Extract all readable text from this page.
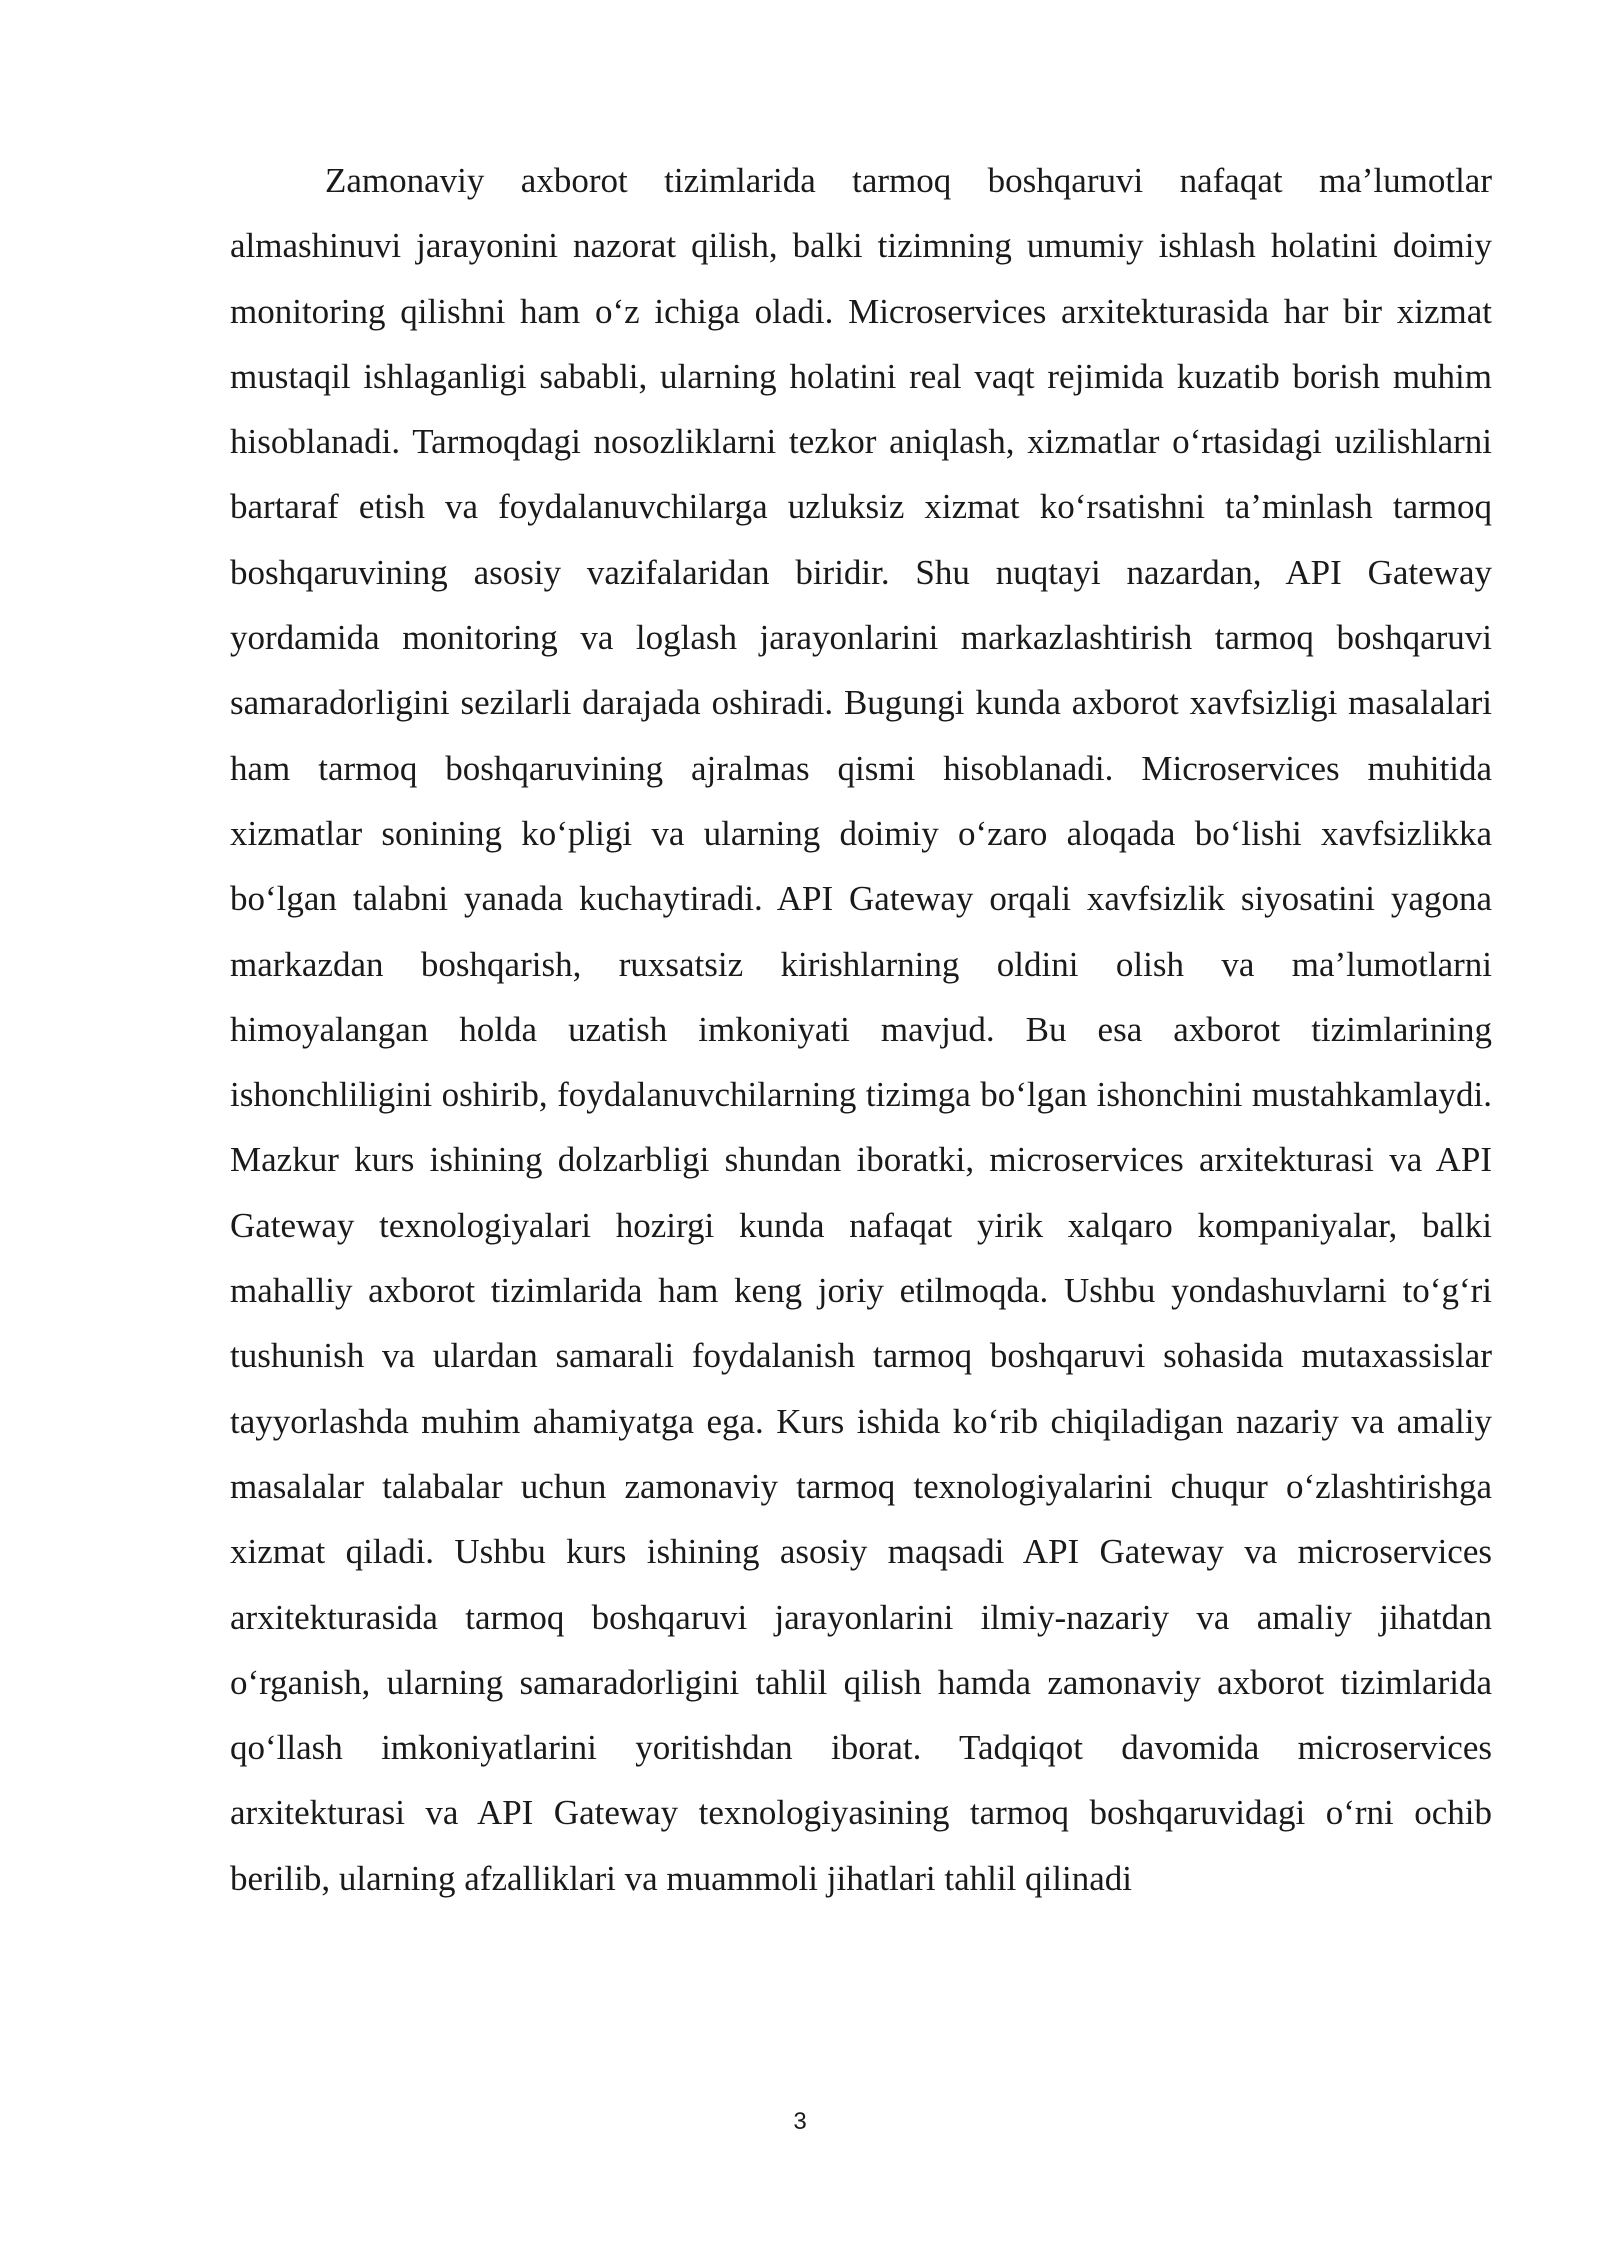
Zamonaviy axborot tizimlarida tarmoq boshqaruvi nafaqat ma’lumotlar almashinuvi jarayonini nazorat qilish, balki tizimning umumiy ishlash holatini doimiy monitoring qilishni ham o‘z ichiga oladi. Microservices arxitekturasida har bir xizmat mustaqil ishlaganligi sababli, ularning holatini real vaqt rejimida kuzatib borish muhim hisoblanadi. Tarmoqdagi nosozliklarni tezkor aniqlash, xizmatlar o‘rtasidagi uzilishlarni bartaraf etish va foydalanuvchilarga uzluksiz xizmat ko‘rsatishni ta’minlash tarmoq boshqaruvining asosiy vazifalaridan biridir. Shu nuqtayi nazardan, API Gateway yordamida monitoring va loglash jarayonlarini markazlashtirish tarmoq boshqaruvi samaradorligini sezilarli darajada oshiradi. Bugungi kunda axborot xavfsizligi masalalari ham tarmoq boshqaruvining ajralmas qismi hisoblanadi. Microservices muhitida xizmatlar sonining ko‘pligi va ularning doimiy o‘zaro aloqada bo‘lishi xavfsizlikka bo‘lgan talabni yanada kuchaytiradi. API Gateway orqali xavfsizlik siyosatini yagona markazdan boshqarish, ruxsatsiz kirishlarning oldini olish va ma’lumotlarni himoyalangan holda uzatish imkoniyati mavjud. Bu esa axborot tizimlarining ishonchliligini oshirib, foydalanuvchilarning tizimga bo‘lgan ishonchini mustahkamlaydi. Mazkur kurs ishining dolzarbligi shundan iboratki, microservices arxitekturasi va API Gateway texnologiyalari hozirgi kunda nafaqat yirik xalqaro kompaniyalar, balki mahalliy axborot tizimlarida ham keng joriy etilmoqda. Ushbu yondashuvlarni to‘g‘ri tushunish va ulardan samarali foydalanish tarmoq boshqaruvi sohasida mutaxassislar tayyorlashda muhim ahamiyatga ega. Kurs ishida ko‘rib chiqiladigan nazariy va amaliy masalalar talabalar uchun zamonaviy tarmoq texnologiyalarini chuqur o‘zlashtirishga xizmat qiladi. Ushbu kurs ishining asosiy maqsadi API Gateway va microservices arxitekturasida tarmoq boshqaruvi jarayonlarini ilmiy-nazariy va amaliy jihatdan o‘rganish, ularning samaradorligini tahlil qilish hamda zamonaviy axborot tizimlarida qo‘llash imkoniyatlarini yoritishdan iborat. Tadqiqot davomida microservices arxitekturasi va API Gateway texnologiyasining tarmoq boshqaruvidagi o‘rni ochib berilib, ularning afzalliklari va muammoli jihatlari tahlil qilinadi

3
